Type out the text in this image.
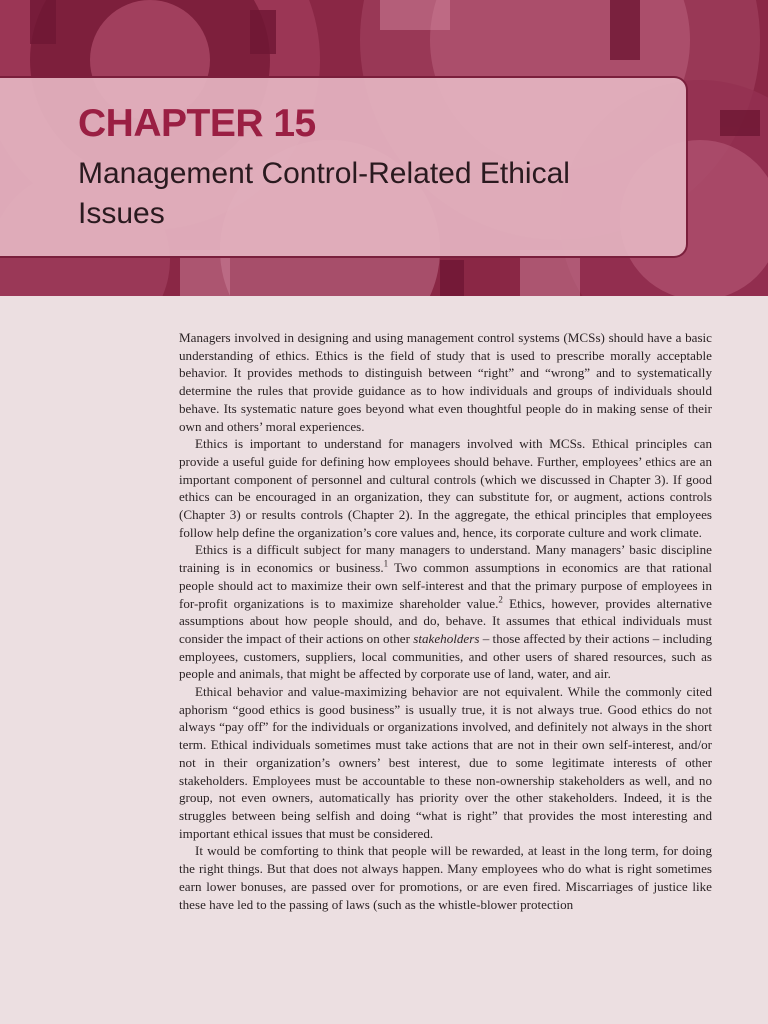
CHAPTER 15
Management Control-Related Ethical Issues

Managers involved in designing and using management control systems (MCSs) should have a basic understanding of ethics. Ethics is the field of study that is used to prescribe morally acceptable behavior. It provides methods to distinguish between “right” and “wrong” and to systematically determine the rules that provide guidance as to how individuals and groups of individuals should behave. Its systematic nature goes beyond what even thoughtful people do in making sense of their own and others’ moral experiences.

Ethics is important to understand for managers involved with MCSs. Ethical principles can provide a useful guide for defining how employees should behave. Further, employees’ ethics are an important component of personnel and cultural controls (which we discussed in Chapter 3). If good ethics can be encouraged in an organization, they can substitute for, or augment, actions controls (Chapter 3) or results controls (Chapter 2). In the aggregate, the ethical principles that employees follow help define the organization’s core values and, hence, its corporate culture and work climate.

Ethics is a difficult subject for many managers to understand. Many managers’ basic discipline training is in economics or business.$^1$ Two common assumptions in economics are that rational people should act to maximize their own self-interest and that the primary purpose of employees in for-profit organizations is to maximize shareholder value.$^2$ Ethics, however, provides alternative assumptions about how people should, and do, behave. It assumes that ethical individuals must consider the impact of their actions on other stakeholders – those affected by their actions – including employees, customers, suppliers, local communities, and other users of shared resources, such as people and animals, that might be affected by corporate use of land, water, and air.

Ethical behavior and value-maximizing behavior are not equivalent. While the commonly cited aphorism “good ethics is good business” is usually true, it is not always true. Good ethics do not always “pay off” for the individuals or organizations involved, and definitely not always in the short term. Ethical individuals sometimes must take actions that are not in their own self-interest, and/or not in their organization’s owners’ best interest, due to some legitimate interests of other stakeholders. Employees must be accountable to these non-ownership stakeholders as well, and no group, not even owners, automatically has priority over the other stakeholders. Indeed, it is the struggles between being selfish and doing “what is right” that provides the most interesting and important ethical issues that must be considered.

It would be comforting to think that people will be rewarded, at least in the long term, for doing the right things. But that does not always happen. Many employees who do what is right sometimes earn lower bonuses, are passed over for promotions, or are even fired. Miscarriages of justice like these have led to the passing of laws (such as the whistle-blower protection
